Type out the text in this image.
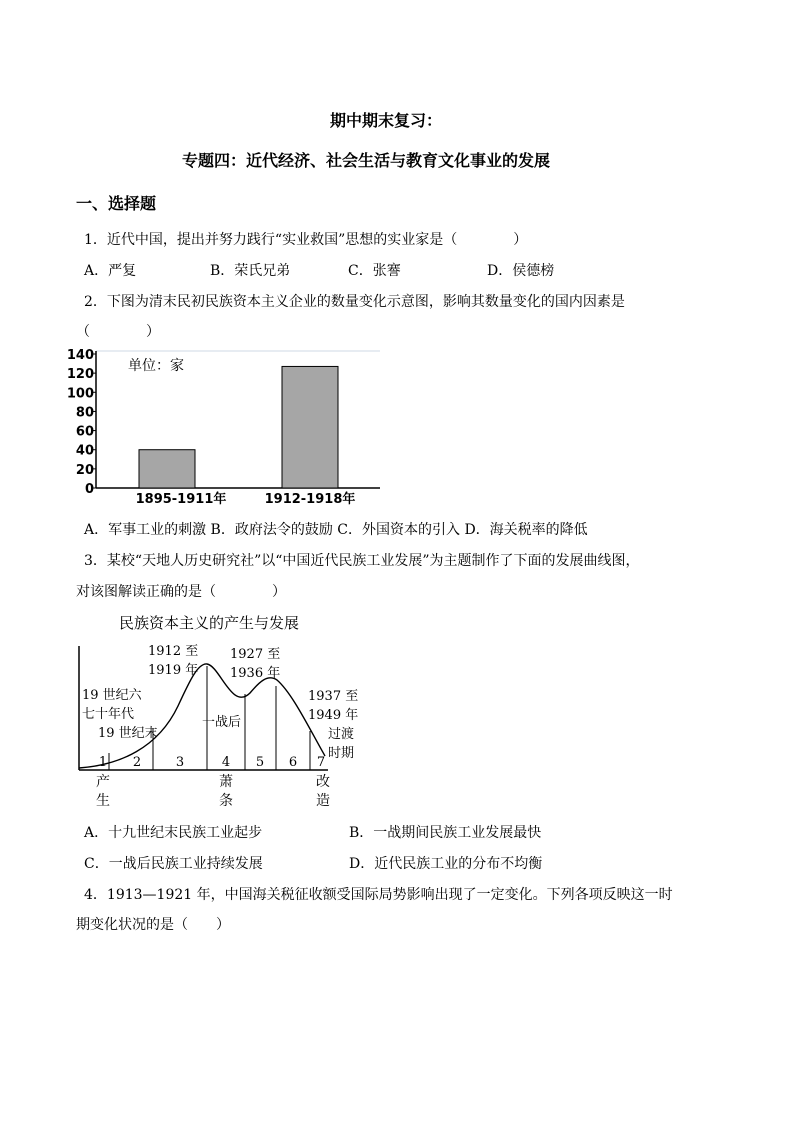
期中期末复习：
专题四：近代经济、社会生活与教育文化事业的发展
一、选择题
1．近代中国，提出并努力践行“实业救国”思想的实业家是（　　　　）
A．严复	B．荣氏兄弟	C．张謇	D．侯德榜
2．下图为清末民初民族资本主义企业的数量变化示意图，影响其数量变化的国内因素是
（　　　　）
0
20
40
60
80
100
120
140
单位：家
1895-1911年	1912-1918年
A．军事工业的刺激 B．政府法令的鼓励 C．外国资本的引入 D．海关税率的降低
3．某校“天地人历史研究社”以“中国近代民族工业发展”为主题制作了下面的发展曲线图，
对该图解读正确的是（　　　　）
民族资本主义的产生与发展
1 2	3	4 5 6 7
19 世纪六
七十年代
19 世纪末
1912 至
1919 年
1927 至
1936 年
一战后
1937 至
1949 年
过渡
时期
产
生
萧
条
改
造
A．十九世纪末民族工业起步	B．一战期间民族工业发展最快
C．一战后民族工业持续发展	D．近代民族工业的分布不均衡
4．1913—1921 年，中国海关税征收额受国际局势影响出现了一定变化。下列各项反映这一时
期变化状况的是（　　）
